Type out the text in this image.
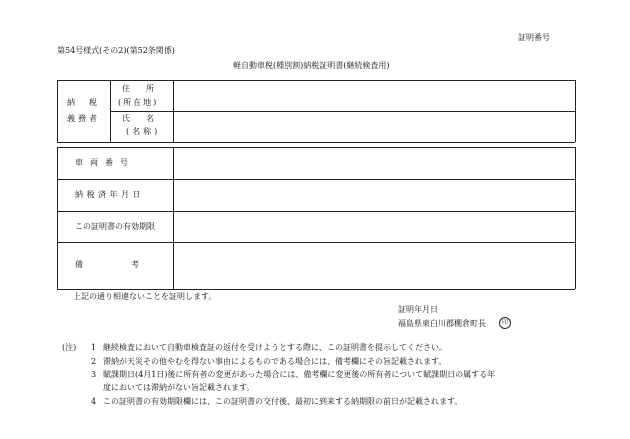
証明番号
第54号様式(その2)(第52条関係)
軽自動車税(種別割)納税証明書(継続検査用)
納　税
義務者
住　所
(所在地)
氏　名
(名称)
車両番号
納税済年月日
この証明書の有効期限
備　　　　　　考
上記の通り相違ないことを証明します。
証明年月日
福島県東白川郡棚倉町長	印
(注) 1 継続検査において自動車検査証の返付を受けようとする際に、この証明書を提示してください。
2 滞納が天災その他やむを得ない事由によるものである場合には、備考欄にその旨記載されます。
3 賦課期日(4月1日)後に所有者の変更があった場合には、備考欄に変更後の所有者について賦課期日の属する年
度においては滞納がない旨記載されます。
4 この証明書の有効期限欄には、この証明書の交付後、最初に到来する納期限の前日が記載されます。
